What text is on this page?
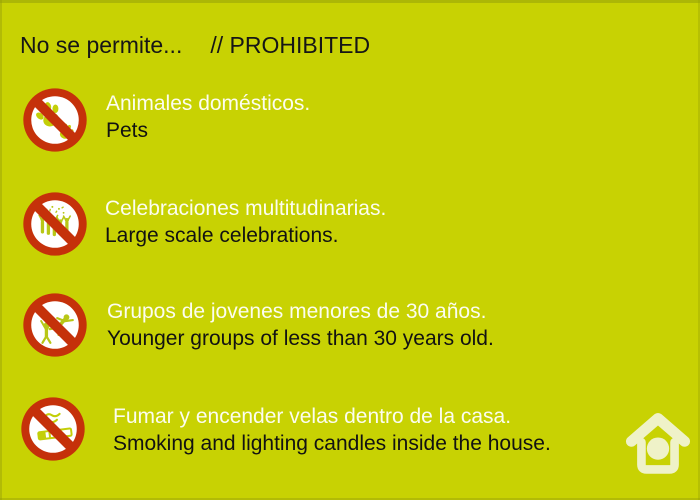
No se permite... // PROHIBITED
Animales domésticos.
Pets
Celebraciones multitudinarias.
Large scale celebrations.
Grupos de jovenes menores de 30 años.
Younger groups of less than 30 years old.
Fumar y encender velas dentro de la casa.
Smoking and lighting candles inside the house.
